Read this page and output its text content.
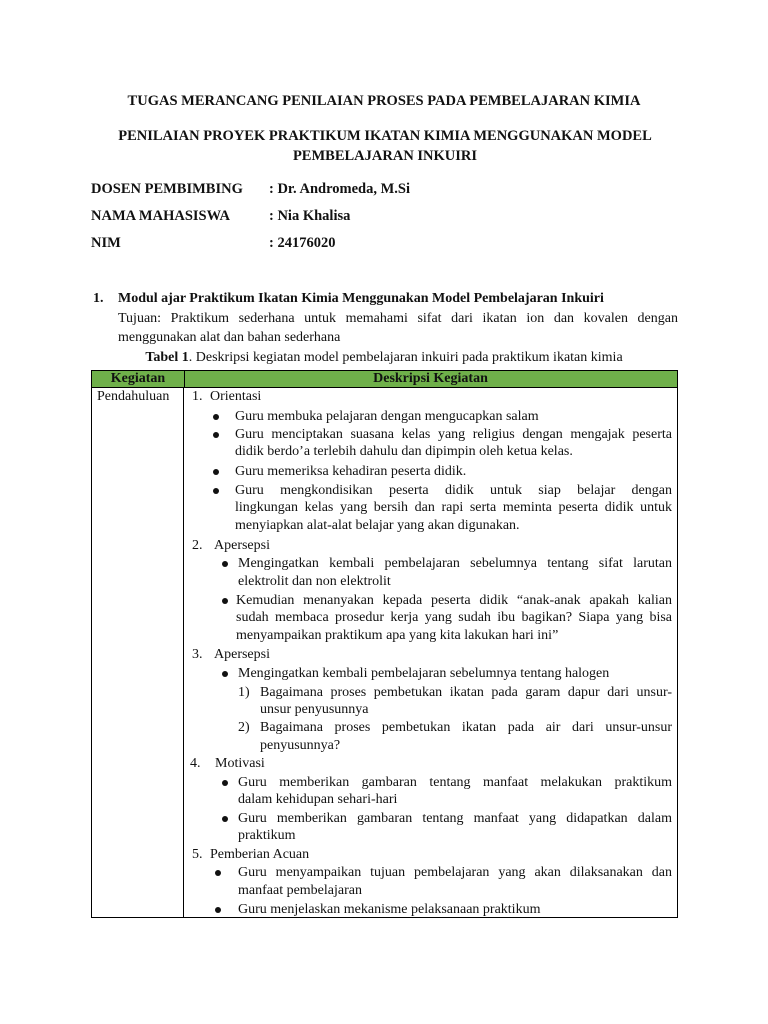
TUGAS MERANCANG PENILAIAN PROSES PADA PEMBELAJARAN KIMIA
PENILAIAN PROYEK PRAKTIKUM IKATAN KIMIA MENGGUNAKAN MODEL PEMBELAJARAN INKUIRI
DOSEN PEMBIMBING : Dr. Andromeda, M.Si
NAMA MAHASISWA	: Nia Khalisa
NIM	: 24176020
1. Modul ajar Praktikum Ikatan Kimia Menggunakan Model Pembelajaran Inkuiri
Tujuan: Praktikum sederhana untuk memahami sifat dari ikatan ion dan kovalen dengan menggunakan alat dan bahan sederhana
Tabel 1. Deskripsi kegiatan model pembelajaran inkuiri pada praktikum ikatan kimia
Kegiatan	Deskripsi Kegiatan
Pendahuluan 1. Orientasi
Guru membuka pelajaran dengan mengucapkan salam
Guru menciptakan suasana kelas yang religius dengan mengajak peserta
didik berdo’a terlebih dahulu dan dipimpin oleh ketua kelas.
Guru memeriksa kehadiran peserta didik.
Guru mengkondisikan peserta didik untuk siap belajar dengan
lingkungan kelas yang bersih dan rapi serta meminta peserta didik untuk
menyiapkan alat-alat belajar yang akan digunakan.
2. Apersepsi
Mengingatkan kembali pembelajaran sebelumnya tentang sifat larutan
elektrolit dan non elektrolit
Kemudian menanyakan kepada peserta didik “anak-anak apakah kalian
sudah membaca prosedur kerja yang sudah ibu bagikan? Siapa yang bisa
menyampaikan praktikum apa yang kita lakukan hari ini”
3. Apersepsi
Mengingatkan kembali pembelajaran sebelumnya tentang halogen
1) Bagaimana proses pembetukan ikatan pada garam dapur dari unsur-
unsur penyusunnya
2) Bagaimana proses pembetukan ikatan pada air dari unsur-unsur
penyusunnya?
4. Motivasi
Guru memberikan gambaran tentang manfaat melakukan praktikum
dalam kehidupan sehari-hari
Guru memberikan gambaran tentang manfaat yang didapatkan dalam
praktikum
5. Pemberian Acuan
Guru menyampaikan tujuan pembelajaran yang akan dilaksanakan dan
manfaat pembelajaran
Guru menjelaskan mekanisme pelaksanaan praktikum
